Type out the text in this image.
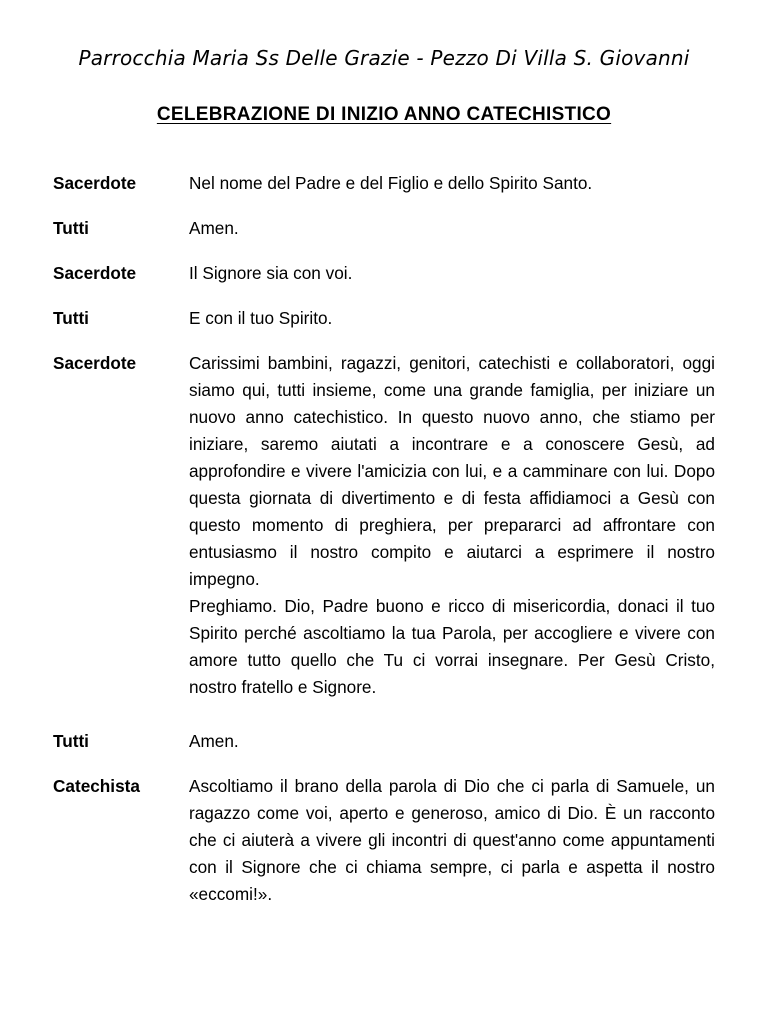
Parrocchia Maria Ss Delle Grazie - Pezzo Di Villa S. Giovanni
CELEBRAZIONE DI INIZIO ANNO CATECHISTICO
Sacerdote	Nel nome del Padre e del Figlio e dello Spirito Santo.

Tutti	Amen.

Sacerdote	Il Signore sia con voi.

Tutti	E con il tuo Spirito.

Sacerdote	Carissimi bambini, ragazzi, genitori, catechisti e collaboratori, oggi siamo qui, tutti insieme, come una grande famiglia, per iniziare un nuovo anno catechistico. In questo nuovo anno, che stiamo per iniziare, saremo aiutati a incontrare e a conoscere Gesù, ad approfondire e vivere l'amicizia con lui, e a camminare con lui. Dopo questa giornata di divertimento e di festa affidiamoci a Gesù con questo momento di preghiera, per prepararci ad affrontare con entusiasmo il nostro compito e aiutarci a esprimere il nostro impegno.

Preghiamo. Dio, Padre buono e ricco di misericordia, donaci il tuo Spirito perché ascoltiamo la tua Parola, per accogliere e vivere con amore tutto quello che Tu ci vorrai insegnare. Per Gesù Cristo, nostro fratello e Signore.

Tutti	Amen.

Catechista	Ascoltiamo il brano della parola di Dio che ci parla di Samuele, un ragazzo come voi, aperto e generoso, amico di Dio. È un racconto che ci aiuterà a vivere gli incontri di quest'anno come appuntamenti con il Signore che ci chiama sempre, ci parla e aspetta il nostro «eccomi!».
